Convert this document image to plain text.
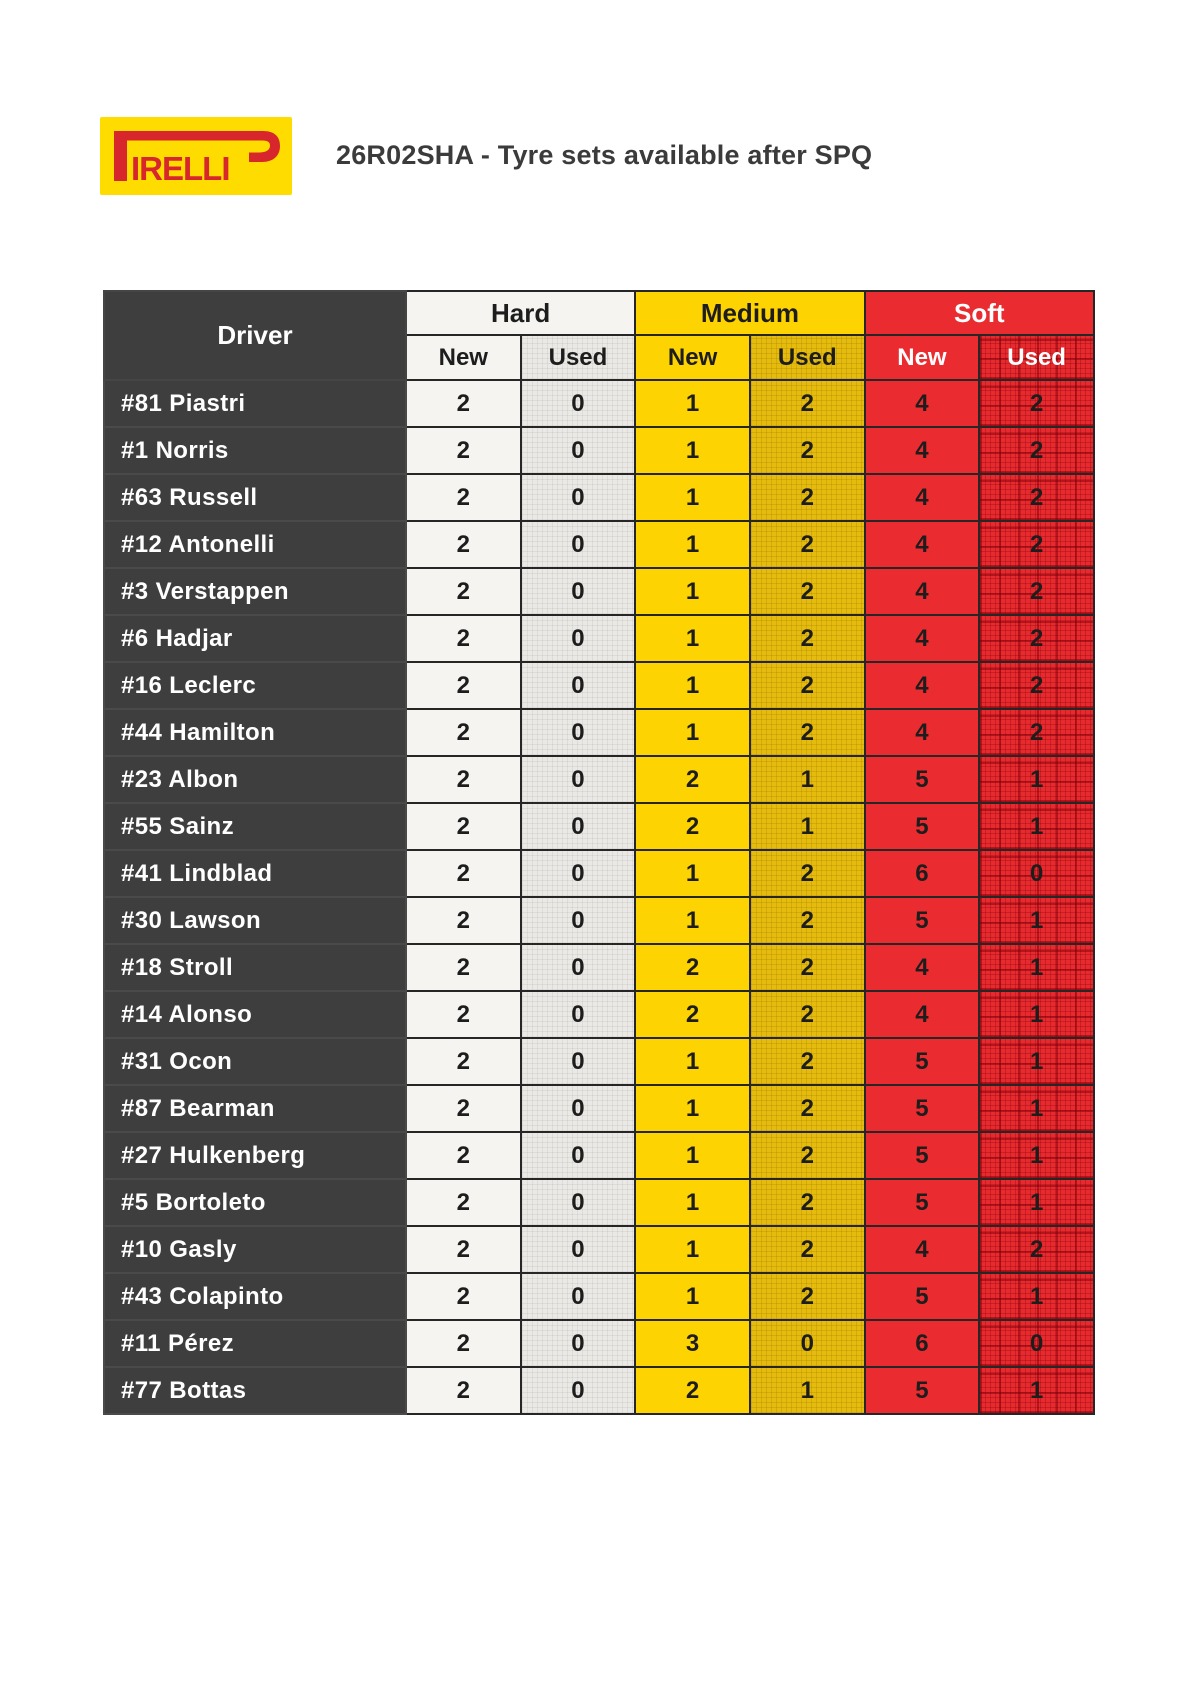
IRELLI	26R02SHA - Tyre sets available after SPQ
Driver	Hard		Medium		Soft	
	New	Used	New	Used	New	Used
#81 Piastri	2	0	1	2	4	2
#1 Norris	2	0	1	2	4	2
#63 Russell	2	0	1	2	4	2
#12 Antonelli	2	0	1	2	4	2
#3 Verstappen	2	0	1	2	4	2
#6 Hadjar	2	0	1	2	4	2
#16 Leclerc	2	0	1	2	4	2
#44 Hamilton	2	0	1	2	4	2
#23 Albon	2	0	2	1	5	1
#55 Sainz	2	0	2	1	5	1
#41 Lindblad	2	0	1	2	6	0
#30 Lawson	2	0	1	2	5	1
#18 Stroll	2	0	2	2	4	1
#14 Alonso	2	0	2	2	4	1
#31 Ocon	2	0	1	2	5	1
#87 Bearman	2	0	1	2	5	1
#27 Hulkenberg	2	0	1	2	5	1
#5 Bortoleto	2	0	1	2	5	1
#10 Gasly	2	0	1	2	4	2
#43 Colapinto	2	0	1	2	5	1
#11 Pérez	2	0	3	0	6	0
#77 Bottas	2	0	2	1	5	1
